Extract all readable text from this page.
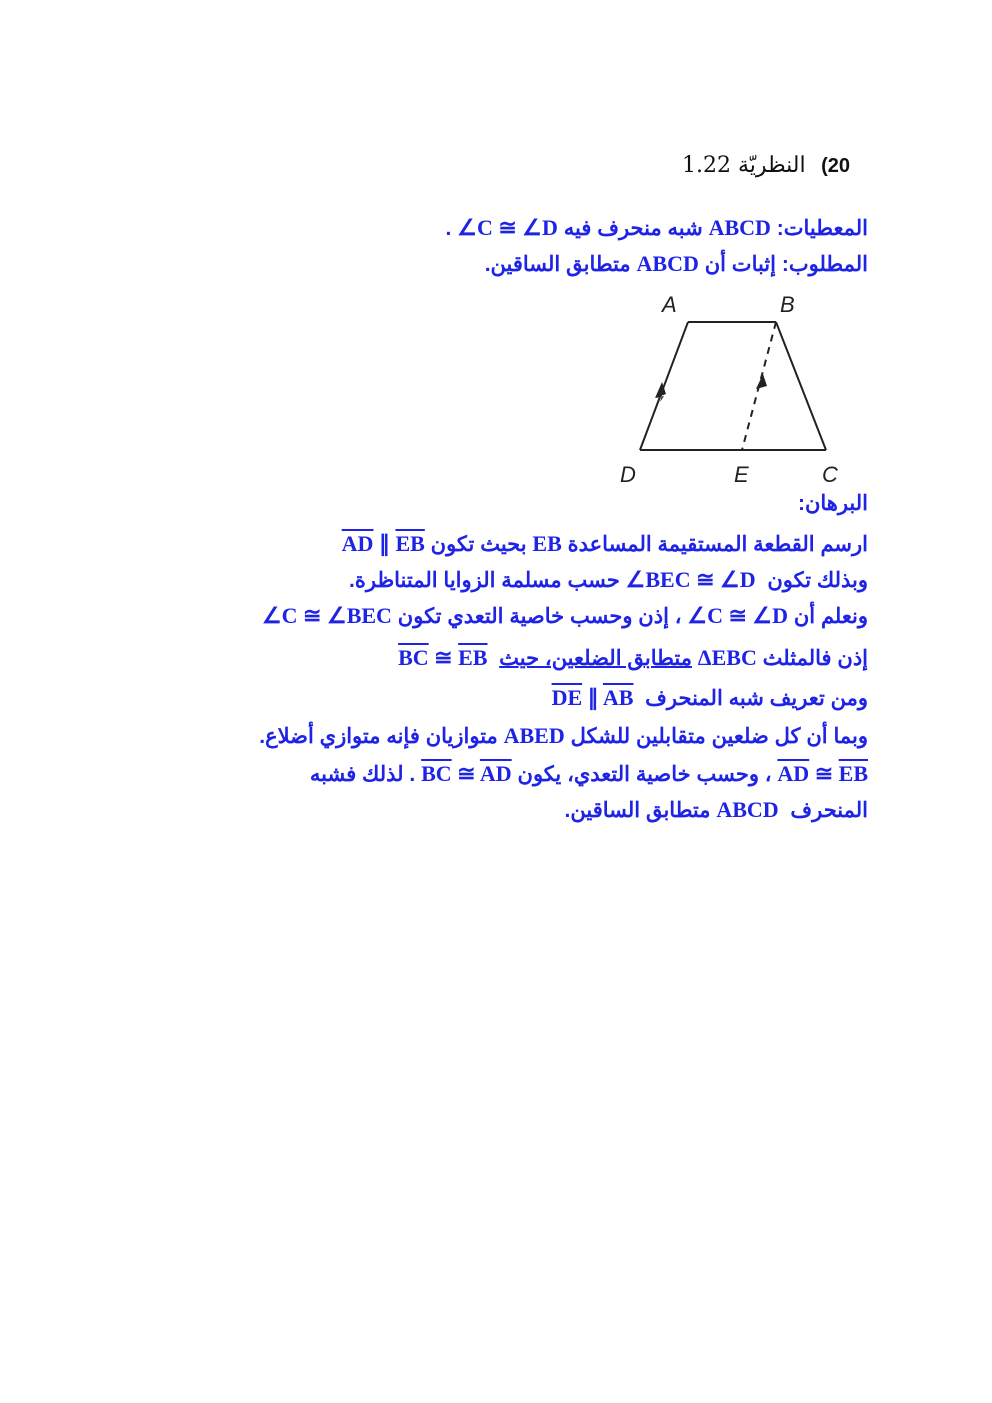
20) النظريّة 1.22
المعطيات: ABCD شبه منحرف فيه ∠C ≅ ∠D .
المطلوب: إثبات أن ABCD متطابق الساقين.
A	B
D	E	C
البرهان:
ارسم القطعة المستقيمة المساعدة EB بحيث تكون $\overline{AD}$ ∥ $\overline{EB}$
وبذلك تكون  ∠BEC ≅ ∠D حسب مسلمة الزوايا المتناظرة.
ونعلم أن ∠C ≅ ∠D ، إذن وحسب خاصية التعدي تكون ∠C ≅ ∠BEC
إذن فالمثلث ΔEBC متطابق الضلعين، حيث  $\overline{BC}$ ≅ $\overline{EB}$
ومن تعريف شبه المنحرف  $\overline{DE}$ ∥ $\overline{AB}$
وبما أن كل ضلعين متقابلين للشكل ABED متوازيان فإنه متوازي أضلاع.
$\overline{AD}$ ≅ $\overline{EB}$ ، وحسب خاصية التعدي، يكون $\overline{BC}$ ≅ $\overline{AD}$ . لذلك فشبه
المنحرف  ABCD متطابق الساقين.
